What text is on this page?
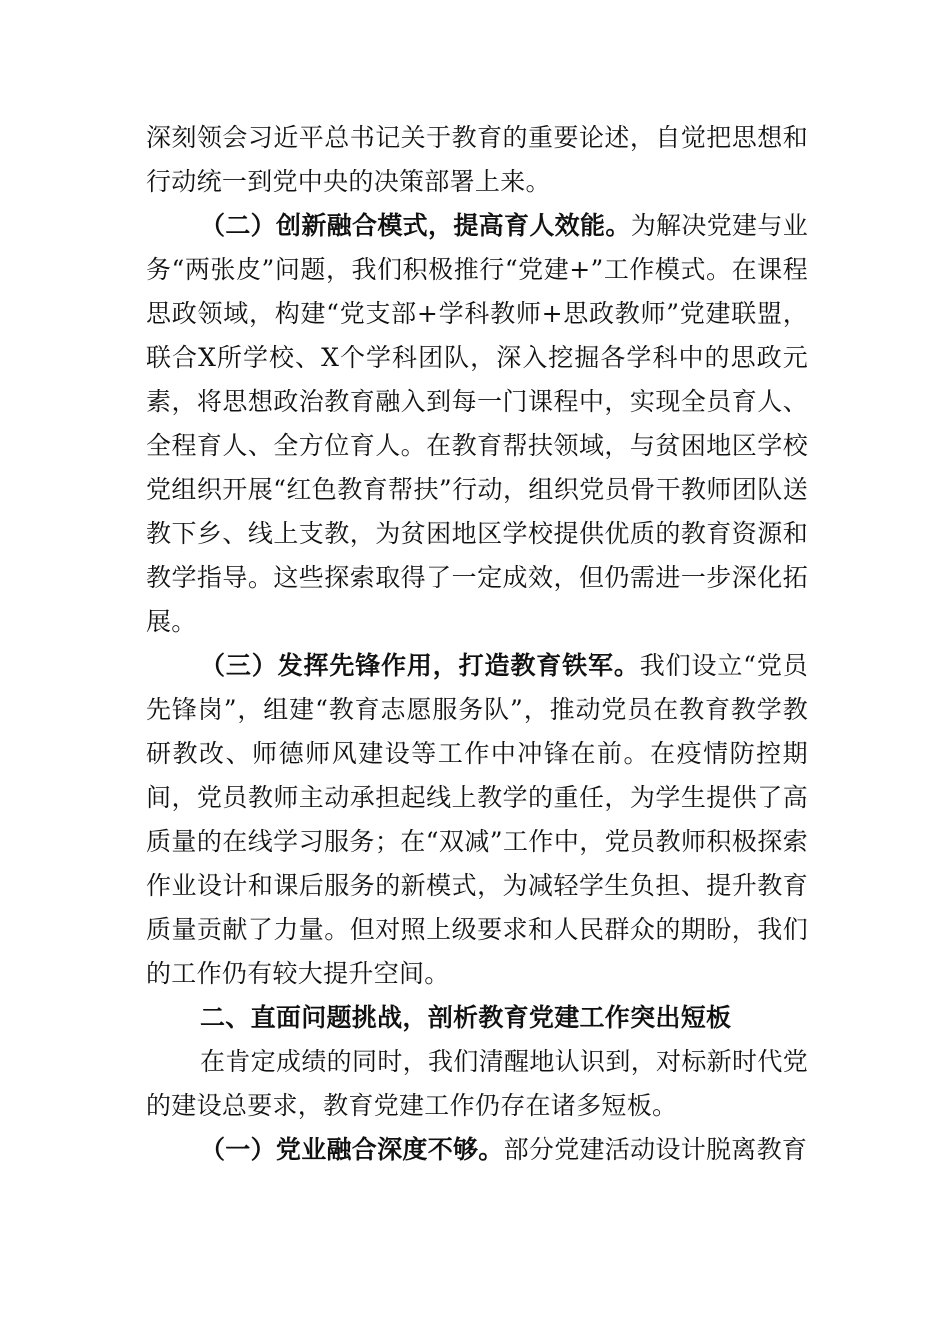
深刻领会习近平总书记关于教育的重要论述，自觉把思想和行动统一到党中央的决策部署上来。

（二）创新融合模式，提高育人效能。为解决党建与业务“两张皮”问题，我们积极推行“党建+”工作模式。在课程思政领域，构建“党支部+学科教师+思政教师”党建联盟，联合X所学校、X个学科团队，深入挖掘各学科中的思政元素，将思想政治教育融入到每一门课程中，实现全员育人、全程育人、全方位育人。在教育帮扶领域，与贫困地区学校党组织开展“红色教育帮扶”行动，组织党员骨干教师团队送教下乡、线上支教，为贫困地区学校提供优质的教育资源和教学指导。这些探索取得了一定成效，但仍需进一步深化拓展。

（三）发挥先锋作用，打造教育铁军。我们设立“党员先锋岗”，组建“教育志愿服务队”，推动党员在教育教学教研教改、师德师风建设等工作中冲锋在前。在疫情防控期间，党员教师主动承担起线上教学的重任，为学生提供了高质量的在线学习服务；在“双减”工作中，党员教师积极探索作业设计和课后服务的新模式，为减轻学生负担、提升教育质量贡献了力量。但对照上级要求和人民群众的期盼，我们的工作仍有较大提升空间。

二、直面问题挑战，剖析教育党建工作突出短板

在肯定成绩的同时，我们清醒地认识到，对标新时代党的建设总要求，教育党建工作仍存在诸多短板。

（一）党业融合深度不够。部分党建活动设计脱离教育
